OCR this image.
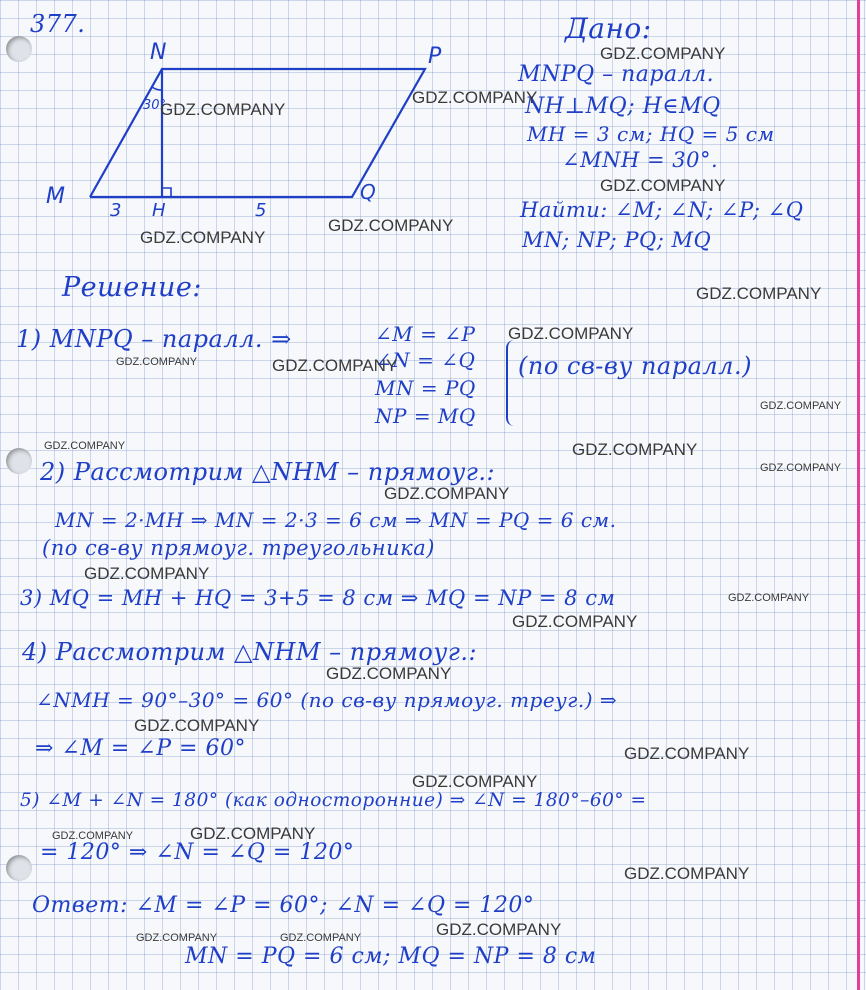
377.
N	P
M	Q
H
30°
3	5
Дано:
MNPQ – паралл.
NH⊥MQ; H∈MQ
MH = 3 см; HQ = 5 см
∠MNH = 30°.
Найти: ∠M; ∠N; ∠P; ∠Q
MN; NP; PQ; MQ
Решение:
1) MNPQ – паралл. ⇒	∠M = ∠P
∠N = ∠Q
MN = PQ
NP = MQ
(по св-ву паралл.)
2) Рассмотрим △NHM – прямоуг.:
MN = 2·MH ⇒ MN = 2·3 = 6 см ⇒ MN = PQ = 6 см.
(по св-ву прямоуг. треугольника)
3) MQ = MH + HQ = 3+5 = 8 см ⇒ MQ = NP = 8 см
4) Рассмотрим △NHM – прямоуг.:
∠NMH = 90°–30° = 60° (по св-ву прямоуг. треуг.) ⇒
⇒ ∠M = ∠P = 60°
5) ∠M + ∠N = 180° (как односторонние) ⇒ ∠N = 180°–60° =
= 120° ⇒ ∠N = ∠Q = 120°
Ответ: ∠M = ∠P = 60°; ∠N = ∠Q = 120°
MN = PQ = 6 см; MQ = NP = 8 см
GDZ.COMPANY
GDZ.COMPANY
GDZ.COMPANY
GDZ.COMPANY
GDZ.COMPANY
GDZ.COMPANY
GDZ.COMPANY
GDZ.COMPANY
GDZ.COMPANY
GDZ.COMPANY
GDZ.COMPANY
GDZ.COMPANY	GDZ.COMPANY
GDZ.COMPANY
GDZ.COMPANY
GDZ.COMPANY
GDZ.COMPANY
GDZ.COMPANY
GDZ.COMPANY
GDZ.COMPANY
GDZ.COMPANY
GDZ.COMPANY
GDZ.COMPANY
GDZ.COMPANY
GDZ.COMPANY
GDZ.COMPANY
GDZ.COMPANY	GDZ.COMPANY
